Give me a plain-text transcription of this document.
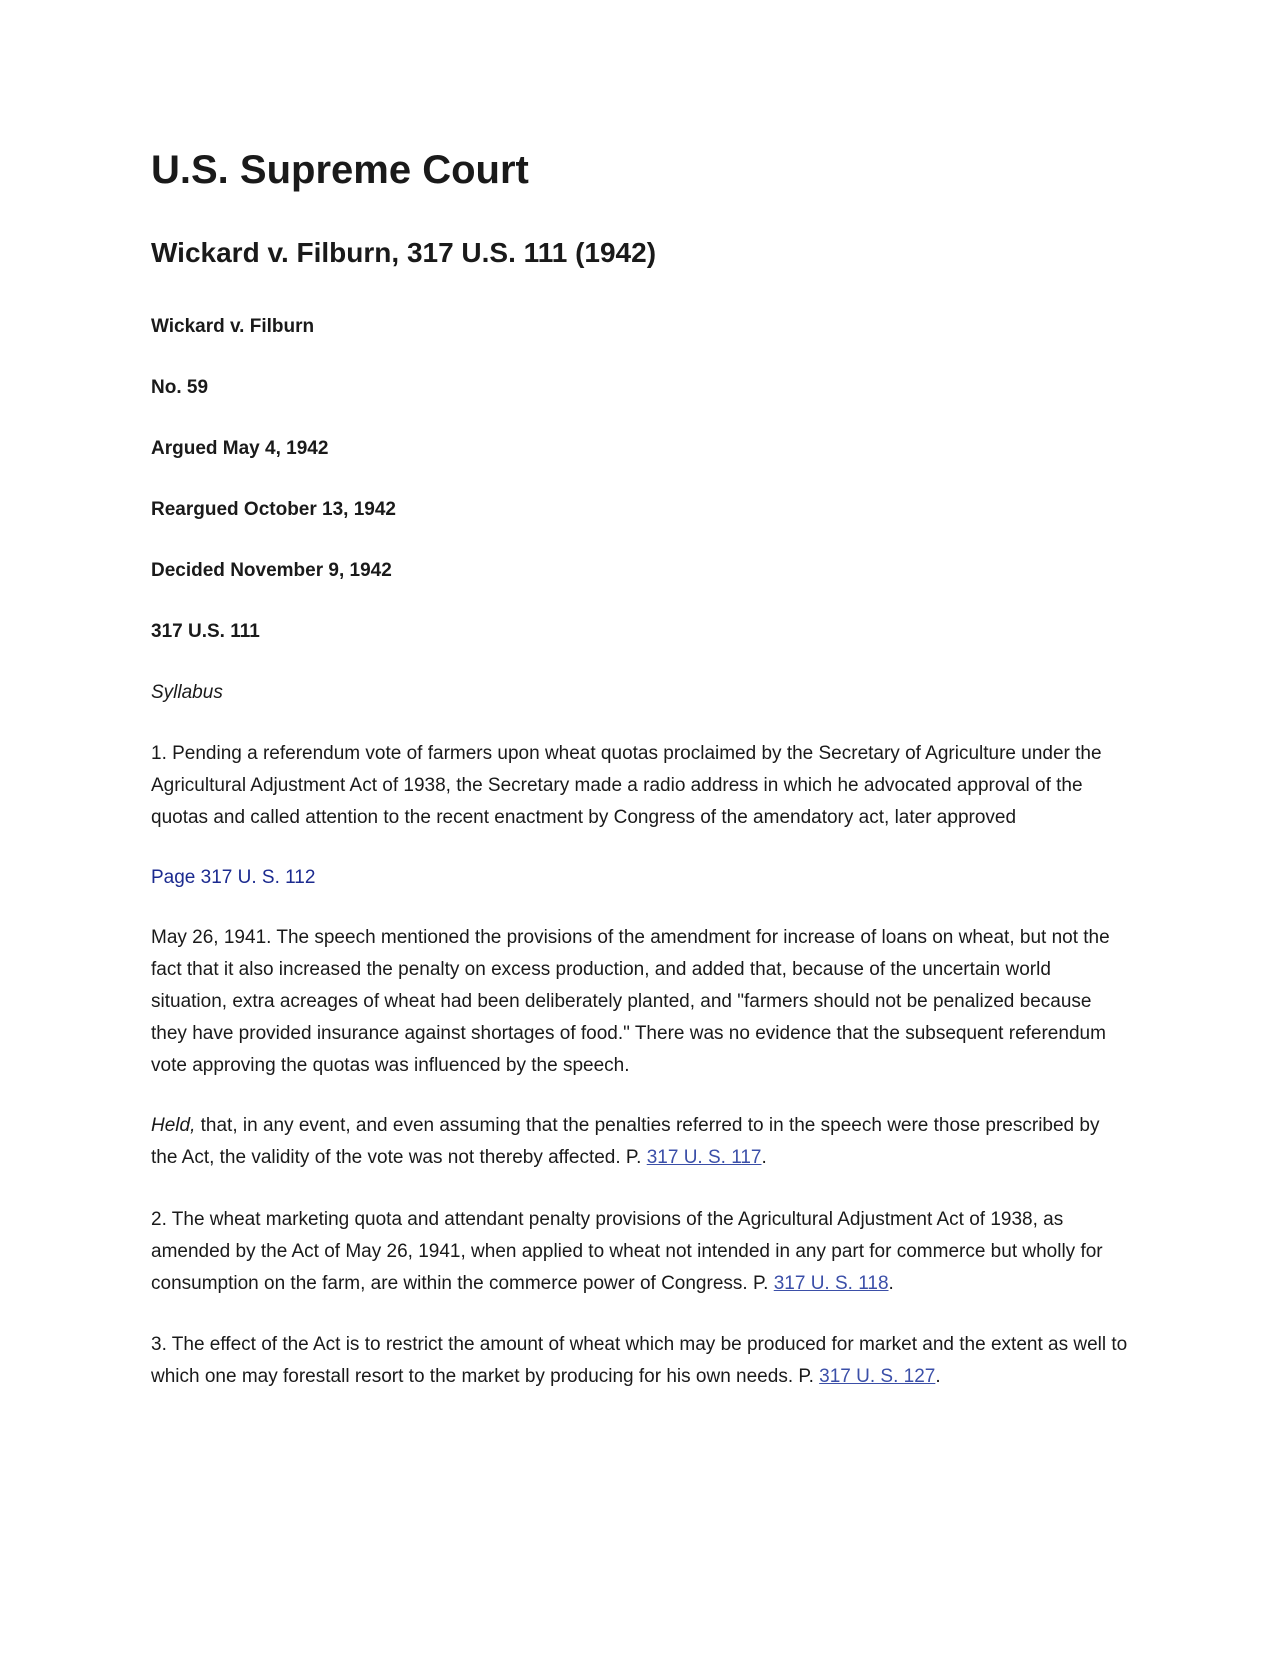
U.S. Supreme Court
Wickard v. Filburn, 317 U.S. 111 (1942)

Wickard v. Filburn

No. 59

Argued May 4, 1942

Reargued October 13, 1942

Decided November 9, 1942

317 U.S. 111

Syllabus

1. Pending a referendum vote of farmers upon wheat quotas proclaimed by the Secretary of Agriculture under the Agricultural Adjustment Act of 1938, the Secretary made a radio address in which he advocated approval of the quotas and called attention to the recent enactment by Congress of the amendatory act, later approved

Page 317 U. S. 112

May 26, 1941. The speech mentioned the provisions of the amendment for increase of loans on wheat, but not the fact that it also increased the penalty on excess production, and added that, because of the uncertain world situation, extra acreages of wheat had been deliberately planted, and "farmers should not be penalized because they have provided insurance against shortages of food." There was no evidence that the subsequent referendum vote approving the quotas was influenced by the speech.

Held, that, in any event, and even assuming that the penalties referred to in the speech were those prescribed by the Act, the validity of the vote was not thereby affected. P. 317 U. S. 117.

2. The wheat marketing quota and attendant penalty provisions of the Agricultural Adjustment Act of 1938, as amended by the Act of May 26, 1941, when applied to wheat not intended in any part for commerce but wholly for consumption on the farm, are within the commerce power of Congress. P. 317 U. S. 118.

3. The effect of the Act is to restrict the amount of wheat which may be produced for market and the extent as well to which one may forestall resort to the market by producing for his own needs. P. 317 U. S. 127.
